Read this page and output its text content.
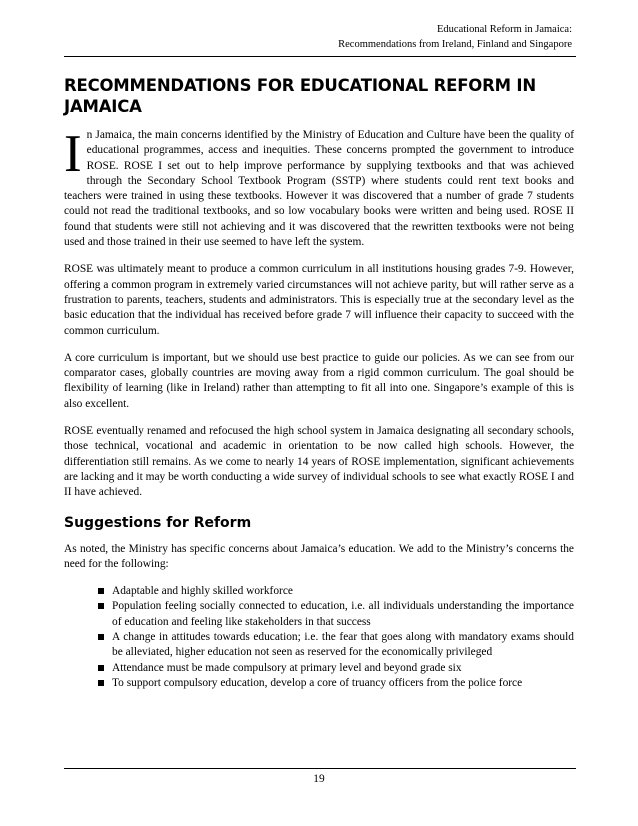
Educational Reform in Jamaica:
Recommendations from Ireland, Finland and Singapore
RECOMMENDATIONS FOR EDUCATIONAL REFORM IN JAMAICA

In Jamaica, the main concerns identified by the Ministry of Education and Culture have been the quality of educational programmes, access and inequities. These concerns prompted the government to introduce ROSE. ROSE I set out to help improve performance by supplying textbooks and that was achieved through the Secondary School Textbook Program (SSTP) where students could rent text books and teachers were trained in using these textbooks. However it was discovered that a number of grade 7 students could not read the traditional textbooks, and so low vocabulary books were written and being used. ROSE II found that students were still not achieving and it was discovered that the rewritten textbooks were not being used and those trained in their use seemed to have left the system.

ROSE was ultimately meant to produce a common curriculum in all institutions housing grades 7-9. However, offering a common program in extremely varied circumstances will not achieve parity, but will rather serve as a frustration to parents, teachers, students and administrators. This is especially true at the secondary level as the basic education that the individual has received before grade 7 will influence their capacity to succeed with the common curriculum.

A core curriculum is important, but we should use best practice to guide our policies. As we can see from our comparator cases, globally countries are moving away from a rigid common curriculum. The goal should be flexibility of learning (like in Ireland) rather than attempting to fit all into one. Singapore’s example of this is also excellent.

ROSE eventually renamed and refocused the high school system in Jamaica designating all secondary schools, those technical, vocational and academic in orientation to be now called high schools. However, the differentiation still remains. As we come to nearly 14 years of ROSE implementation, significant achievements are lacking and it may be worth conducting a wide survey of individual schools to see what exactly ROSE I and II have achieved.

Suggestions for Reform

As noted, the Ministry has specific concerns about Jamaica’s education. We add to the Ministry’s concerns the need for the following:

Adaptable and highly skilled workforce
Population feeling socially connected to education, i.e. all individuals understanding the importance of education and feeling like stakeholders in that success
A change in attitudes towards education; i.e. the fear that goes along with mandatory exams should be alleviated, higher education not seen as reserved for the economically privileged
Attendance must be made compulsory at primary level and beyond grade six
To support compulsory education, develop a core of truancy officers from the police force
19
